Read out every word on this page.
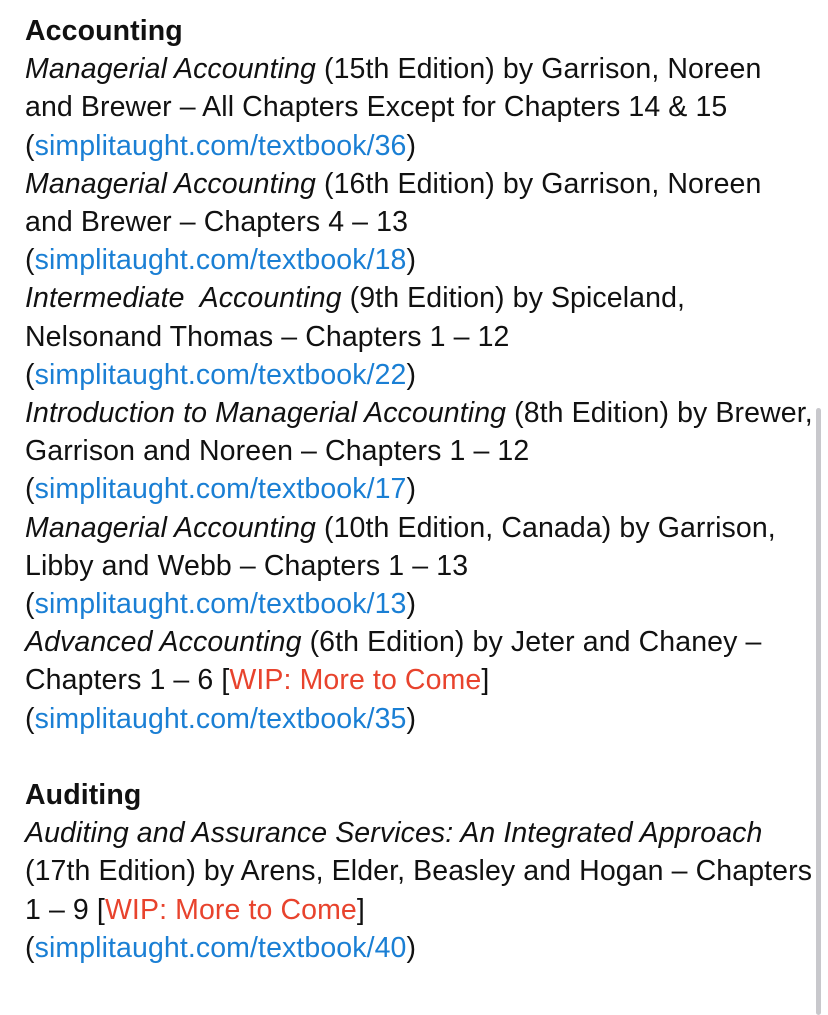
Accounting
Managerial Accounting (15th Edition) by Garrison, Noreen and Brewer – All Chapters Except for Chapters 14 & 15
(simplitaught.com/textbook/36)
Managerial Accounting (16th Edition) by Garrison, Noreen and Brewer – Chapters 4 – 13
(simplitaught.com/textbook/18)
Intermediate  Accounting (9th Edition) by Spiceland, Nelsonand Thomas – Chapters 1 – 12
(simplitaught.com/textbook/22)
Introduction to Managerial Accounting (8th Edition) by Brewer, Garrison and Noreen – Chapters 1 – 12
(simplitaught.com/textbook/17)
Managerial Accounting (10th Edition, Canada) by Garrison, Libby and Webb – Chapters 1 – 13
(simplitaught.com/textbook/13)
Advanced Accounting (6th Edition) by Jeter and Chaney – Chapters 1 – 6 [WIP: More to Come]
(simplitaught.com/textbook/35)
Auditing
Auditing and Assurance Services: An Integrated Approach (17th Edition) by Arens, Elder, Beasley and Hogan – Chapters 1 – 9 [WIP: More to Come]
(simplitaught.com/textbook/40)
